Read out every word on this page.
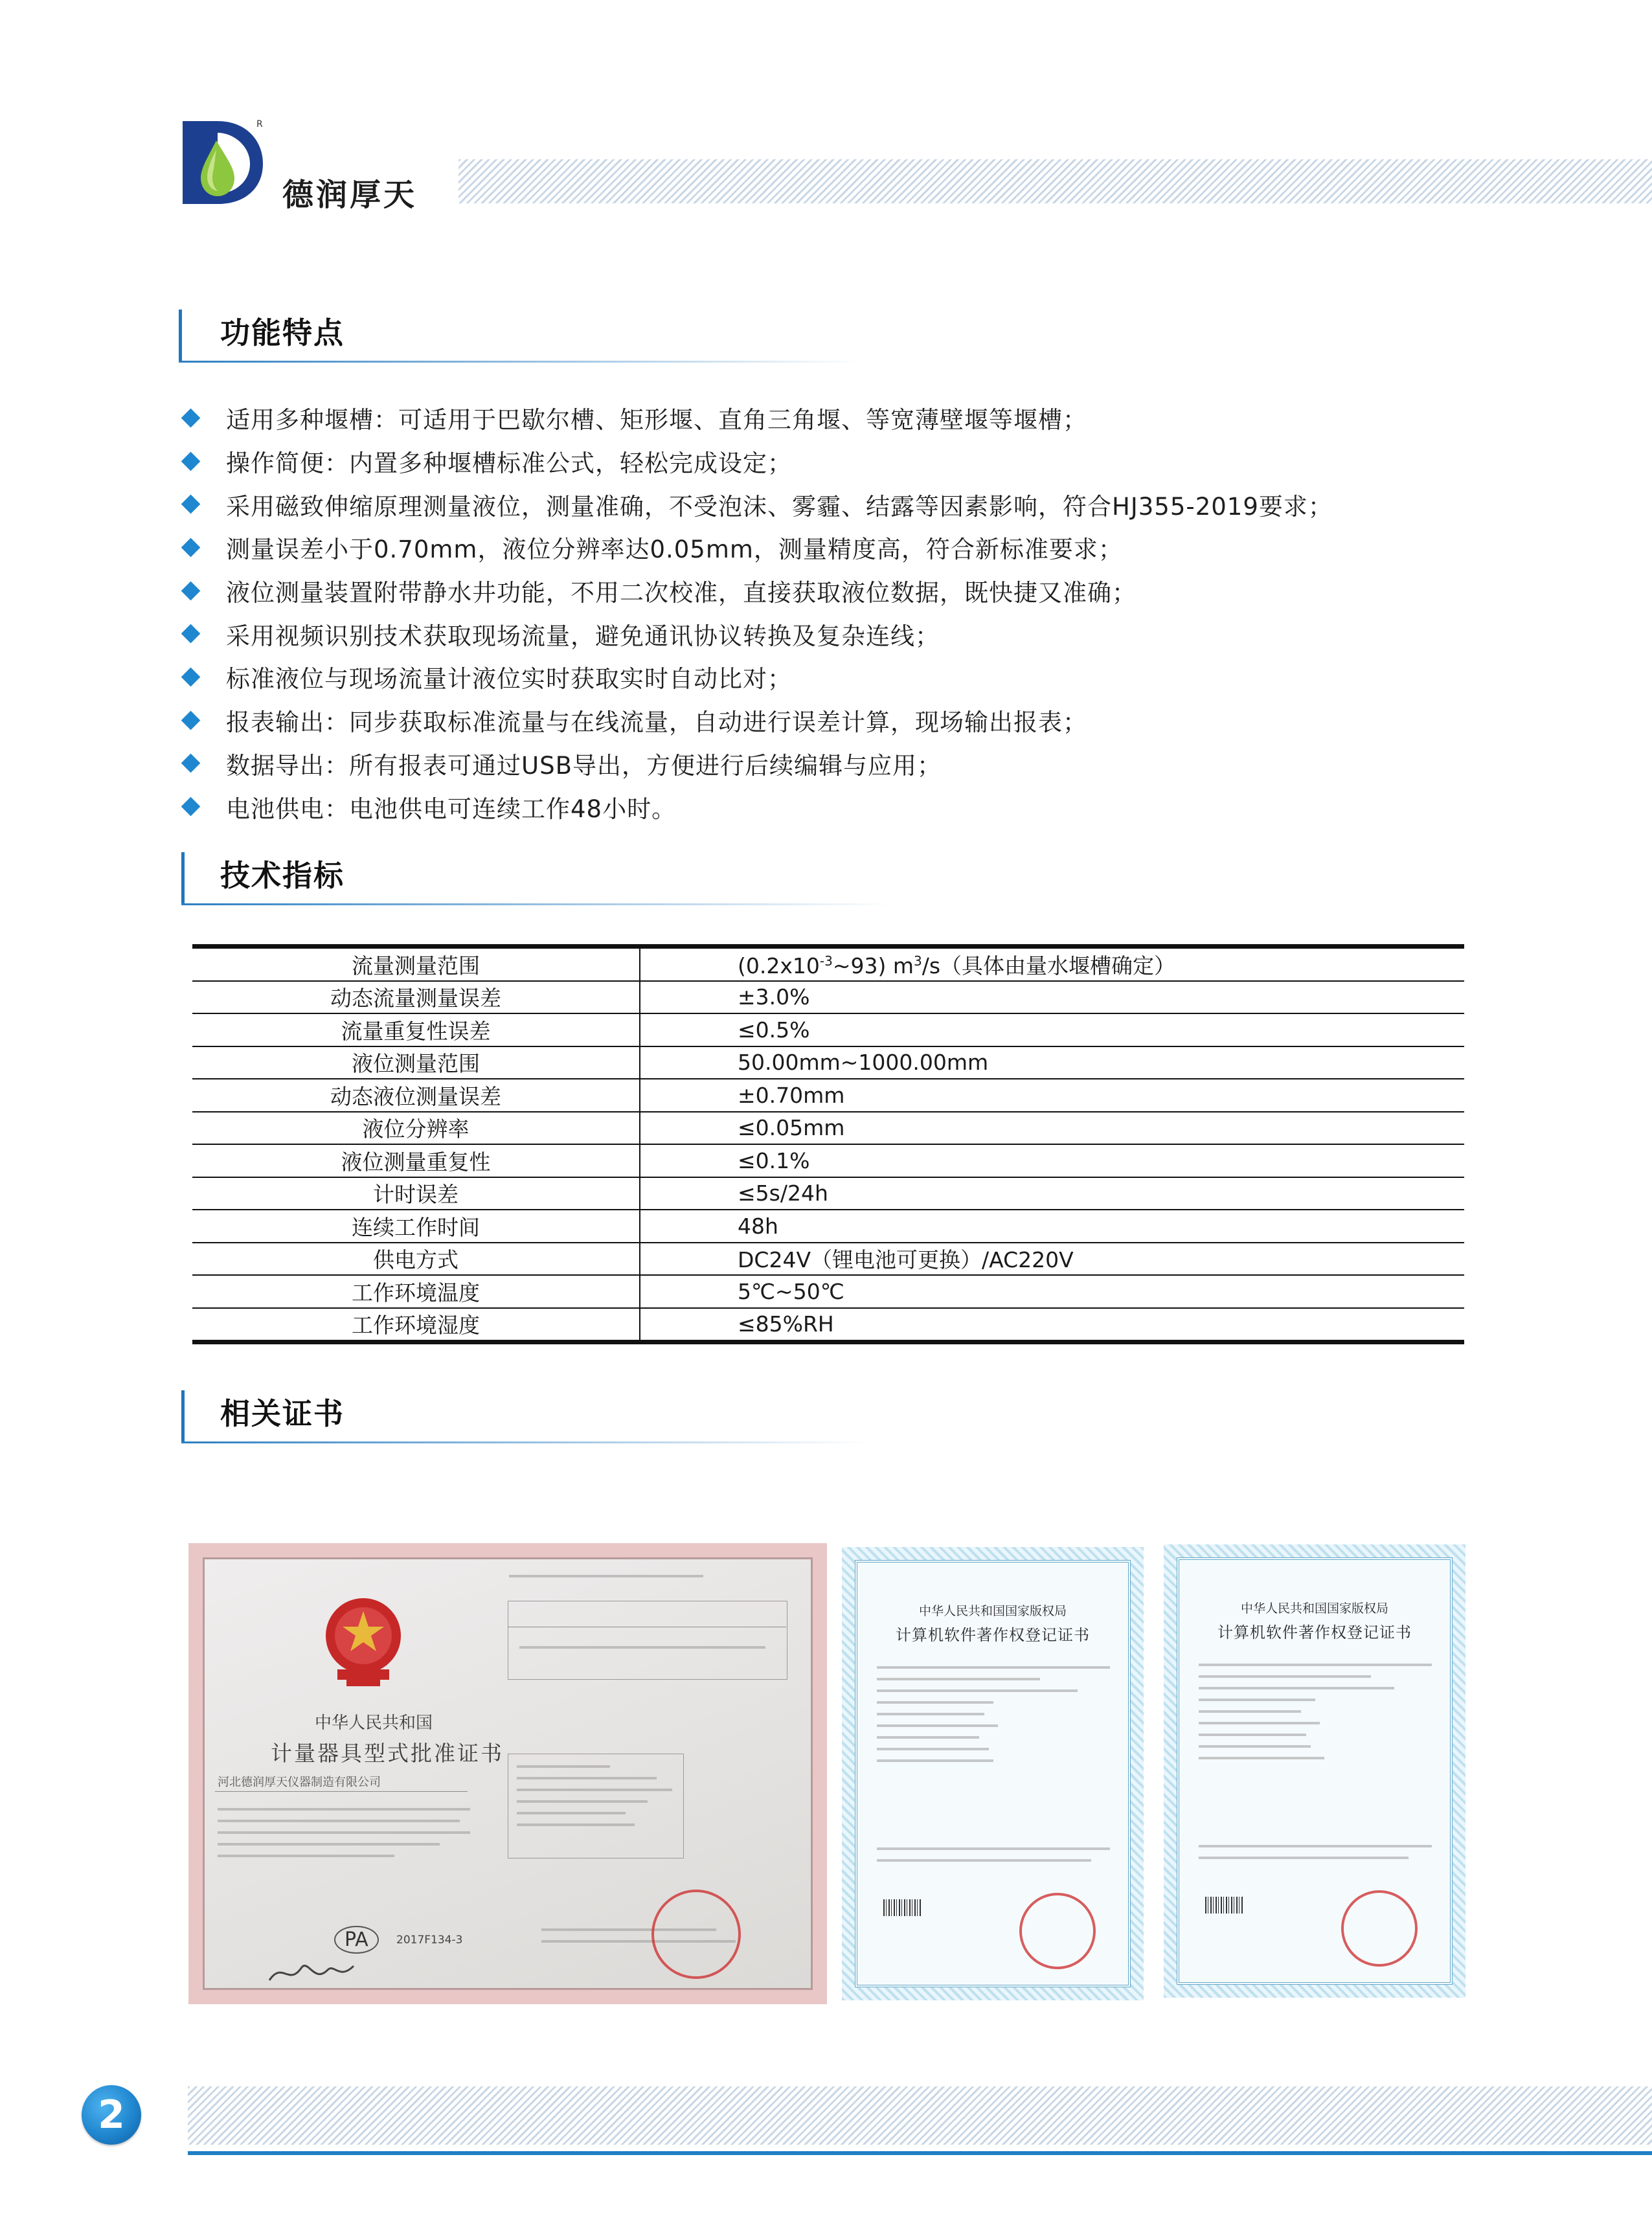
R
德润厚天
功能特点
适用多种堰槽：可适用于巴歇尔槽、矩形堰、直角三角堰、等宽薄壁堰等堰槽；
操作简便：内置多种堰槽标准公式，轻松完成设定；
采用磁致伸缩原理测量液位，测量准确，不受泡沫、雾霾、结露等因素影响，符合HJ355-2019要求；
测量误差小于0.70mm，液位分辨率达0.05mm，测量精度高，符合新标准要求；
液位测量装置附带静水井功能，不用二次校准，直接获取液位数据，既快捷又准确；
采用视频识别技术获取现场流量，避免通讯协议转换及复杂连线；
标准液位与现场流量计液位实时获取实时自动比对；
报表输出：同步获取标准流量与在线流量，自动进行误差计算，现场输出报表；
数据导出：所有报表可通过USB导出，方便进行后续编辑与应用；
电池供电：电池供电可连续工作48小时。
技术指标
流量测量范围	$(0.2x10^{-3}\sim 93)$ $m^3/s$（具体由量水堰槽确定）
动态流量测量误差	±3.0%
流量重复性误差	≤0.5%
液位测量范围	50.00mm~1000.00mm
动态液位测量误差	±0.70mm
液位分辨率	≤0.05mm
液位测量重复性	≤0.1%
计时误差	≤5s/24h
连续工作时间	48h
供电方式	DC24V（锂电池可更换）/AC220V
工作环境温度	5℃~50℃
工作环境湿度	≤85%RH
相关证书
中华人民共和国
计量器具型式批准证书
河北德润厚天仪器制造有限公司
PA	2017F134-3
中华人民共和国国家版权局
计算机软件著作权登记证书
中华人民共和国国家版权局
计算机软件著作权登记证书
2
